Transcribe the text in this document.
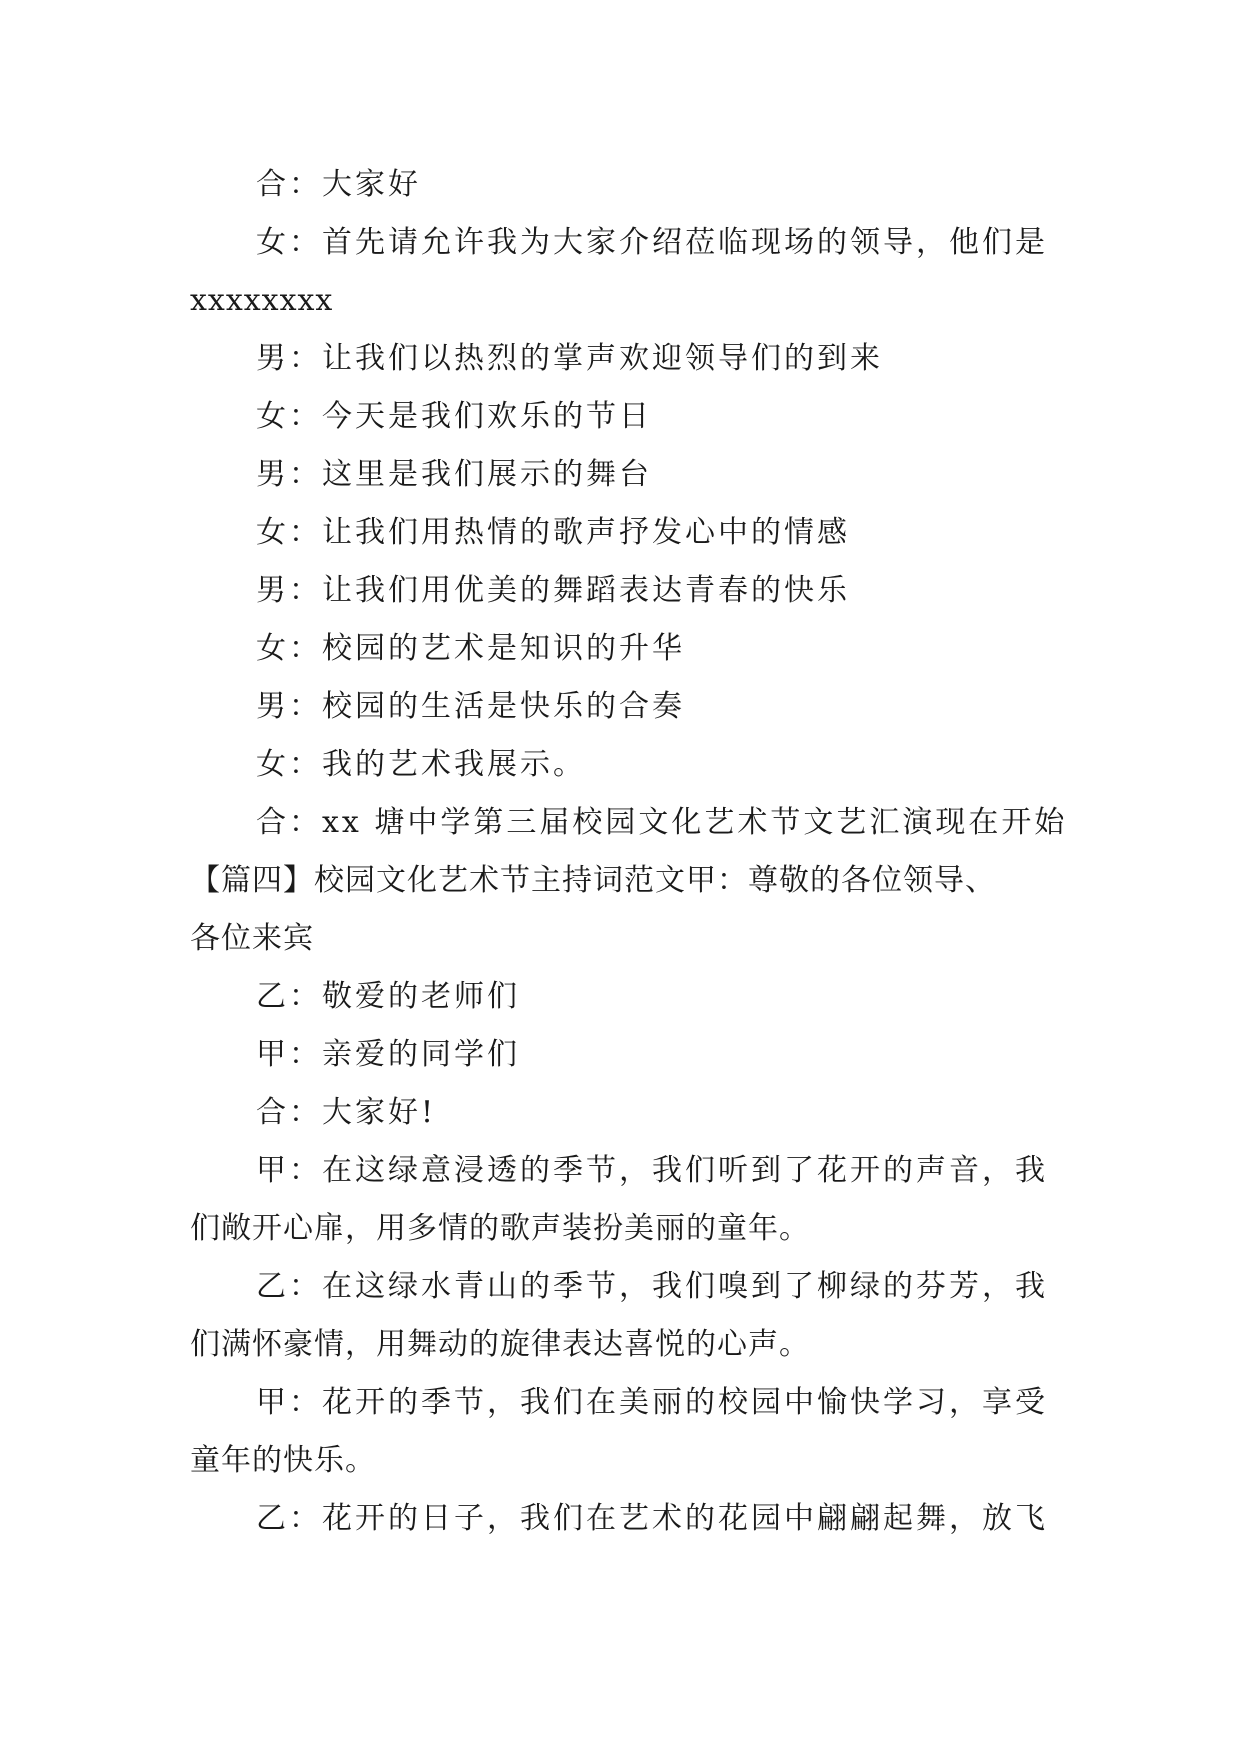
合：大家好

女：首先请允许我为大家介绍莅临现场的领导，他们是

xxxxxxxx

男：让我们以热烈的掌声欢迎领导们的到来

女：今天是我们欢乐的节日

男：这里是我们展示的舞台

女：让我们用热情的歌声抒发心中的情感

男：让我们用优美的舞蹈表达青春的快乐

女：校园的艺术是知识的升华

男：校园的生活是快乐的合奏

女：我的艺术我展示。

合：xx 塘中学第三届校园文化艺术节文艺汇演现在开始

【篇四】校园文化艺术节主持词范文甲：尊敬的各位领导、

各位来宾

乙：敬爱的老师们

甲：亲爱的同学们

合：大家好!

甲：在这绿意浸透的季节，我们听到了花开的声音，我

们敞开心扉，用多情的歌声装扮美丽的童年。

乙：在这绿水青山的季节，我们嗅到了柳绿的芬芳，我

们满怀豪情，用舞动的旋律表达喜悦的心声。

甲：花开的季节，我们在美丽的校园中愉快学习，享受

童年的快乐。

乙：花开的日子，我们在艺术的花园中翩翩起舞，放飞
